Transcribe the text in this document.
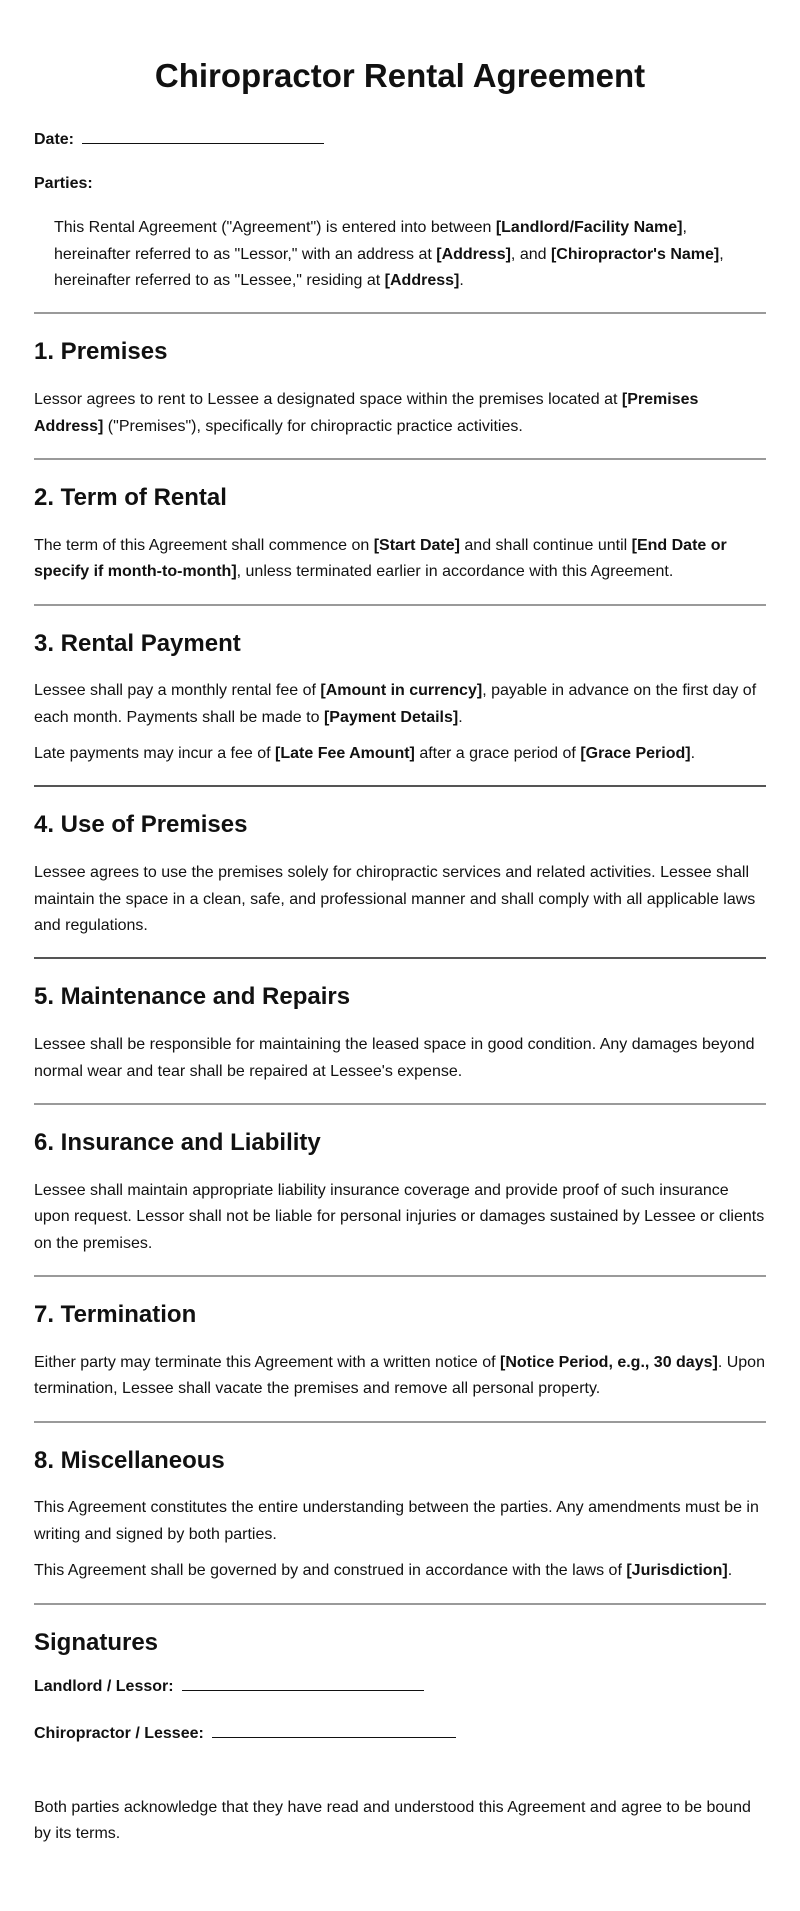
Chiropractor Rental Agreement
Date:
Parties:
This Rental Agreement ("Agreement") is entered into between [Landlord/Facility Name], hereinafter referred to as "Lessor," with an address at [Address], and [Chiropractor's Name], hereinafter referred to as "Lessee," residing at [Address].
1. Premises

Lessor agrees to rent to Lessee a designated space within the premises located at [Premises Address] ("Premises"), specifically for chiropractic practice activities.

2. Term of Rental

The term of this Agreement shall commence on [Start Date] and shall continue until [End Date or specify if month-to-month], unless terminated earlier in accordance with this Agreement.

3. Rental Payment

Lessee shall pay a monthly rental fee of [Amount in currency], payable in advance on the first day of each month. Payments shall be made to [Payment Details].

Late payments may incur a fee of [Late Fee Amount] after a grace period of [Grace Period].

4. Use of Premises

Lessee agrees to use the premises solely for chiropractic services and related activities. Lessee shall maintain the space in a clean, safe, and professional manner and shall comply with all applicable laws and regulations.

5. Maintenance and Repairs

Lessee shall be responsible for maintaining the leased space in good condition. Any damages beyond normal wear and tear shall be repaired at Lessee's expense.

6. Insurance and Liability

Lessee shall maintain appropriate liability insurance coverage and provide proof of such insurance upon request. Lessor shall not be liable for personal injuries or damages sustained by Lessee or clients on the premises.

7. Termination

Either party may terminate this Agreement with a written notice of [Notice Period, e.g., 30 days]. Upon termination, Lessee shall vacate the premises and remove all personal property.

8. Miscellaneous

This Agreement constitutes the entire understanding between the parties. Any amendments must be in writing and signed by both parties.

This Agreement shall be governed by and construed in accordance with the laws of [Jurisdiction].

Signatures
Landlord / Lessor:
Chiropractor / Lessee:

Both parties acknowledge that they have read and understood this Agreement and agree to be bound by its terms.
